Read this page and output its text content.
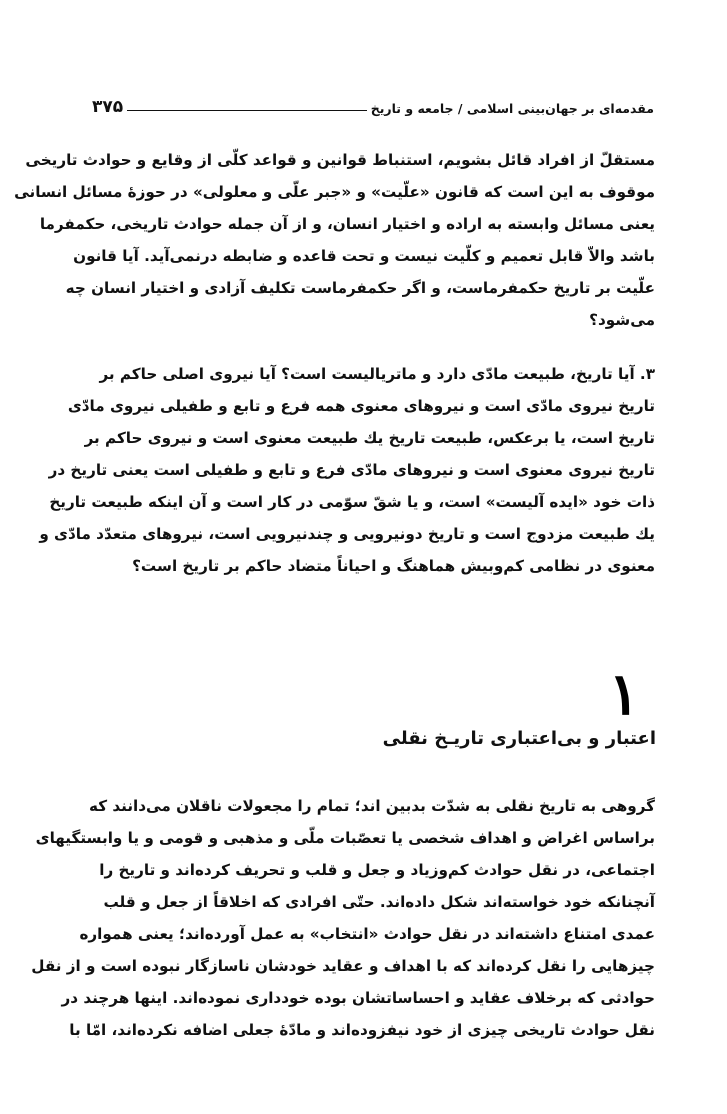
مقدمه‌ای بر جهان‌بینی اسلامی / جامعه و تاریخ
۳۷۵

مستقلّ از افراد قائل بشویم، استنباط قوانین و قواعد کلّی از وقایع و حوادث تاریخی
موقوف به این است که قانون «علّیت» و «جبر علّی و معلولی» در حوزهٔ مسائل انسانی
یعنی مسائل وابسته به اراده و اختیار انسان، و از آن جمله حوادث تاریخی، حکمفرما
باشد والاّ قابل تعمیم و کلّیت نیست و تحت قاعده و ضابطه درنمی‌آید. آیا قانون
علّیت بر تاریخ حکمفرماست، و اگر حکمفرماست تکلیف آزادی و اختیار انسان چه
می‌شود؟

۳. آیا تاریخ، طبیعت مادّی دارد و ماتریالیست است؟ آیا نیروی اصلی حاکم بر
تاریخ نیروی مادّی است و نیروهای معنوی همه فرع و تابع و طفیلی نیروی مادّی
تاریخ است، یا برعکس، طبیعت تاریخ یك طبیعت معنوی است و نیروی حاکم بر
تاریخ نیروی معنوی است و نیروهای مادّی فرع و تابع و طفیلی است یعنی تاریخ در
ذات خود «ایده آلیست» است، و یا شقّ سوّمی در کار است و آن اینکه طبیعت تاریخ
یك طبیعت مزدوج است و تاریخ دونیرویی و چندنیرویی است، نیروهای متعدّد مادّی و
معنوی در نظامی کم‌وبیش هماهنگ و احیاناً متضاد حاکم بر تاریخ است؟

۱
اعتبار و بی‌اعتباری تاریـخ نقلی

گروهی به تاریخ نقلی به شدّت بدبین اند؛ تمام را مجعولات ناقلان می‌دانند که
براساس اغراض و اهداف شخصی یا تعصّبات ملّی و مذهبی و قومی و یا وابستگیهای
اجتماعی، در نقل حوادث کم‌وزیاد و جعل و قلب و تحریف کرده‌اند و تاریخ را
آنچنانکه خود خواسته‌اند شکل داده‌اند. حتّی افرادی که اخلاقاً از جعل و قلب
عمدی امتناع داشته‌اند در نقل حوادث «انتخاب» به عمل آورده‌اند؛ یعنی همواره
چیزهایی را نقل کرده‌اند که با اهداف و عقاید خودشان ناسازگار نبوده است و از نقل
حوادثی که برخلاف عقاید و احساساتشان بوده خودداری نموده‌اند. اینها هرچند در
نقل حوادث تاریخی چیزی از خود نیفزوده‌اند و مادّهٔ جعلی اضافه نکرده‌اند، امّا با
